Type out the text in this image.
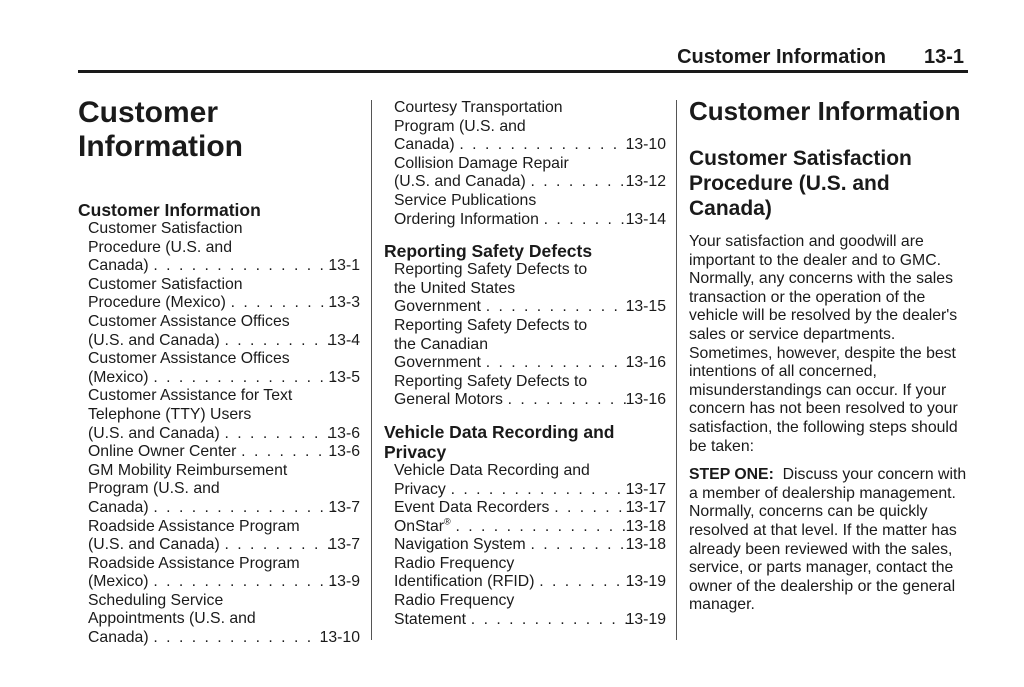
Customer Information 13-1
Customer Information
Customer Information
Customer Satisfaction
Procedure (U.S. and
Canada) . . .	13-1
Customer Satisfaction
Procedure (Mexico) . . .	13-3
Customer Assistance Offices
(U.S. and Canada) . . .	13-4
Customer Assistance Offices
(Mexico) . . .	13-5
Customer Assistance for Text
Telephone (TTY) Users
(U.S. and Canada) . . .	13-6
Online Owner Center . . .	13-6
GM Mobility Reimbursement
Program (U.S. and
Canada) . . .	13-7
Roadside Assistance Program
(U.S. and Canada) . . .	13-7
Roadside Assistance Program
(Mexico) . . .	13-9
Scheduling Service
Appointments (U.S. and
Canada) . . .	13-10
Courtesy Transportation
Program (U.S. and
Canada) . . .	13-10
Collision Damage Repair
(U.S. and Canada) . . .	13-12
Service Publications
Ordering Information . . .	13-14
Reporting Safety Defects
Reporting Safety Defects to
the United States
Government . . .	13-15
Reporting Safety Defects to
the Canadian
Government . . .	13-16
Reporting Safety Defects to
General Motors . . .	13-16
Vehicle Data Recording and Privacy
Vehicle Data Recording and
Privacy . . .	13-17
Event Data Recorders . . .	13-17
OnStar® . . .	13-18
Navigation System . . .	13-18
Radio Frequency
Identification (RFID) . . .	13-19
Radio Frequency
Statement . . .	13-19
Customer Information
Customer Satisfaction Procedure (U.S. and Canada)

Your satisfaction and goodwill are important to the dealer and to GMC. Normally, any concerns with the sales transaction or the operation of the vehicle will be resolved by the dealer's sales or service departments. Sometimes, however, despite the best intentions of all concerned, misunderstandings can occur. If your concern has not been resolved to your satisfaction, the following steps should be taken:

STEP ONE: Discuss your concern with a member of dealership management. Normally, concerns can be quickly resolved at that level. If the matter has already been reviewed with the sales, service, or parts manager, contact the owner of the dealership or the general manager.
